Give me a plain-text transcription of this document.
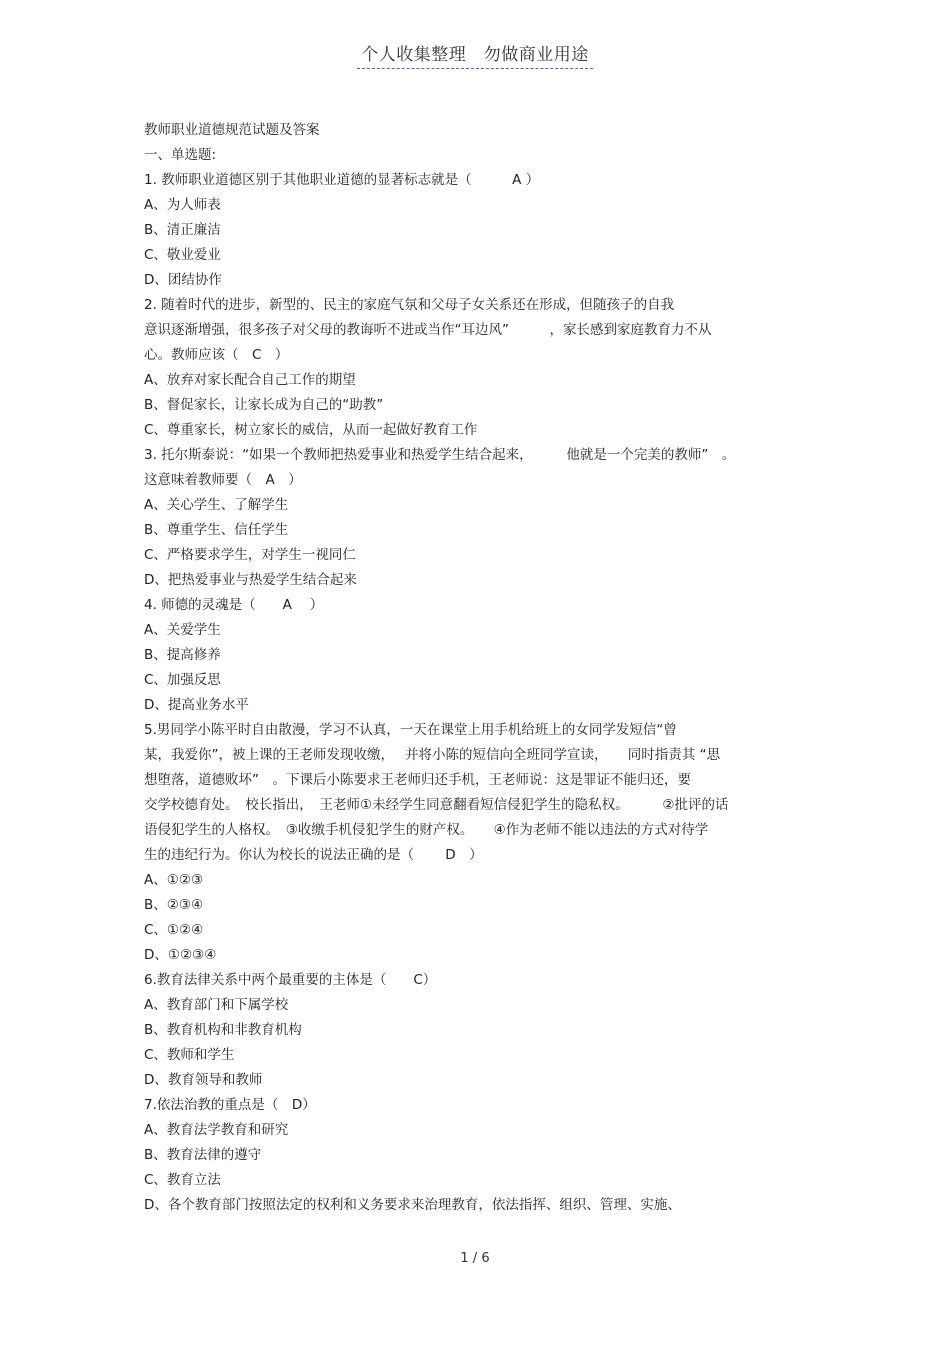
个人收集整理　勿做商业用途

教师职业道德规范试题及答案

一、单选题:

1. 教师职业道德区别于其他职业道德的显著标志就是（　　　A ）

A、为人师表

B、清正廉洁

C、敬业爱业

D、团结协作

2. 随着时代的进步，新型的、民主的家庭气氛和父母子女关系还在形成，但随孩子的自我

意识逐渐增强，很多孩子对父母的教诲听不进或当作“耳边风”　　　，家长感到家庭教育力不从

心。教师应该（　C　）

A、放弃对家长配合自己工作的期望

B、督促家长，让家长成为自己的“助教”

C、尊重家长，树立家长的威信，从而一起做好教育工作

3. 托尔斯泰说：“如果一个教师把热爱事业和热爱学生结合起来，　　　他就是一个完美的教师”　。

这意味着教师要（　A　）

A、关心学生、了解学生

B、尊重学生、信任学生

C、严格要求学生，对学生一视同仁

D、把热爱事业与热爱学生结合起来

4. 师德的灵魂是（　　A　 ）

A、关爱学生

B、提高修养

C、加强反思

D、提高业务水平

5.男同学小陈平时自由散漫，学习不认真，一天在课堂上用手机给班上的女同学发短信“曾

某，我爱你”，被上课的王老师发现收缴，　 并将小陈的短信向全班同学宣读，　　同时指责其 “思

想堕落，道德败坏”　。下课后小陈要求王老师归还手机，王老师说：这是罪证不能归还，要

交学校德育处。　校长指出，　王老师①未经学生同意翻看短信侵犯学生的隐私权。　　　②批评的话

语侵犯学生的人格权。　③收缴手机侵犯学生的财产权。　　④作为老师不能以违法的方式对待学

生的违纪行为。你认为校长的说法正确的是（　　 D　）

A、①②③

B、②③④

C、①②④

D、①②③④

6.教育法律关系中两个最重要的主体是（　　C）

A、教育部门和下属学校

B、教育机构和非教育机构

C、教师和学生

D、教育领导和教师

7.依法治教的重点是（　D）

A、教育法学教育和研究

B、教育法律的遵守

C、教育立法

D、各个教育部门按照法定的权利和义务要求来治理教育，依法指挥、组织、管理、实施、

1 / 6
